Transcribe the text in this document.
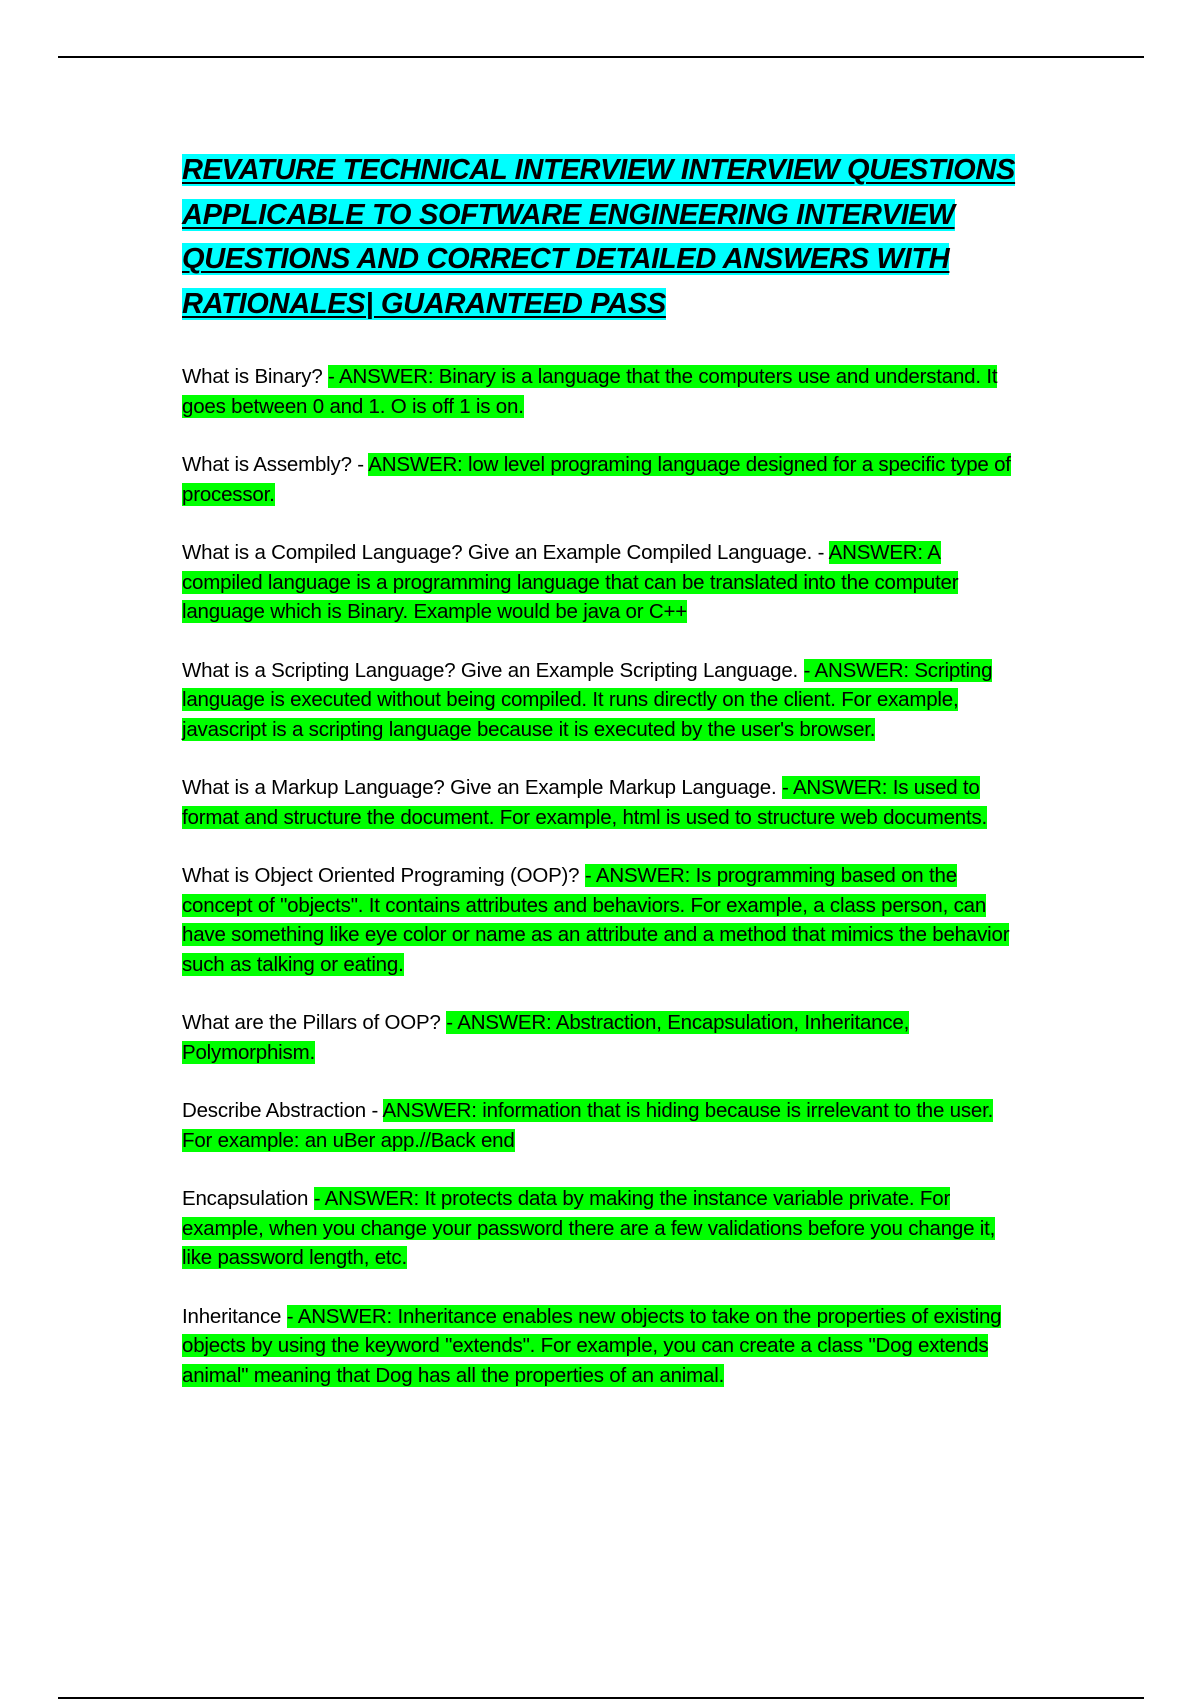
REVATURE TECHNICAL INTERVIEW INTERVIEW QUESTIONS APPLICABLE TO SOFTWARE ENGINEERING INTERVIEW QUESTIONS AND CORRECT DETAILED ANSWERS WITH RATIONALES| GUARANTEED PASS

What is Binary? - ANSWER: Binary is a language that the computers use and understand. It goes between 0 and 1. O is off 1 is on.

What is Assembly? - ANSWER: low level programing language designed for a specific type of processor.

What is a Compiled Language? Give an Example Compiled Language. - ANSWER: A compiled language is a programming language that can be translated into the computer language which is Binary. Example would be java or C++

What is a Scripting Language? Give an Example Scripting Language. - ANSWER: Scripting language is executed without being compiled. It runs directly on the client. For example, javascript is a scripting language because it is executed by the user's browser.

What is a Markup Language? Give an Example Markup Language. - ANSWER: Is used to format and structure the document. For example, html is used to structure web documents.

What is Object Oriented Programing (OOP)? - ANSWER: Is programming based on the concept of "objects". It contains attributes and behaviors. For example, a class person, can have something like eye color or name as an attribute and a method that mimics the behavior such as talking or eating.

What are the Pillars of OOP? - ANSWER: Abstraction, Encapsulation, Inheritance, Polymorphism.

Describe Abstraction - ANSWER: information that is hiding because is irrelevant to the user. For example: an uBer app.//Back end

Encapsulation - ANSWER: It protects data by making the instance variable private. For example, when you change your password there are a few validations before you change it, like password length, etc.

Inheritance - ANSWER: Inheritance enables new objects to take on the properties of existing objects by using the keyword "extends". For example, you can create a class "Dog extends animal" meaning that Dog has all the properties of an animal.
